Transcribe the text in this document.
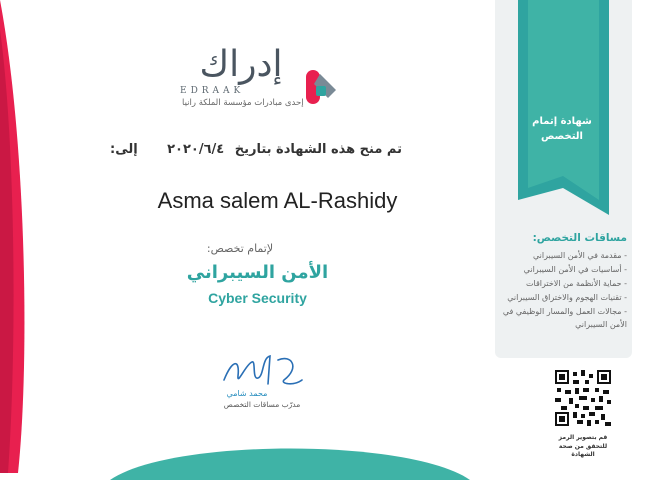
إدراك
EDRAAK
إحدى مبادرات مؤسسة الملكة رانيا
تم منح هذه الشهادة بتاريخ ٢٠٢٠/٦/٤
إلى:
Asma salem AL-Rashidy
لإتمام تخصص:
الأمن السيبراني
Cyber Security
محمد شامي
مدرّب مساقات التخصص
شهادة إتمام التخصص
مساقات التخصص:
- مقدمة في الأمن السيبراني
- أساسيات في الأمن السيبراني
- حماية الأنظمة من الاختراقات
- تقنيات الهجوم والاختراق السيبراني
- مجالات العمل والمسار الوظيفي في الأمن السيبراني
قم بتصوير الرمز للتحقق من صحة الشهادة
